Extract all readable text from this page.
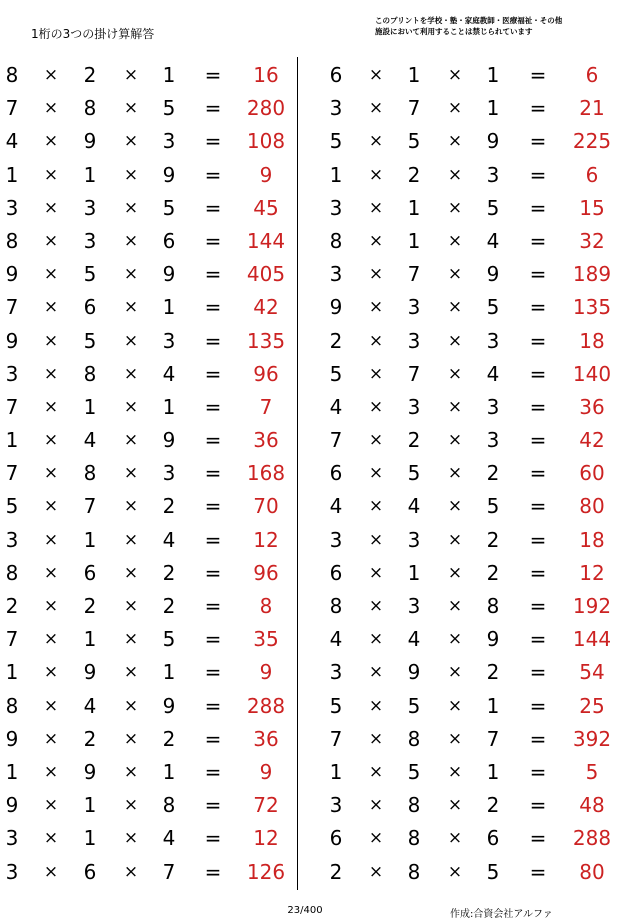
1桁の3つの掛け算解答
このプリントを学校・塾・家庭教師・医療福祉・その他
施設において利用することは禁じられています
8 × 2 × 1 =	16
7 × 8 × 5 =	280
4 × 9 × 3 =	108
1 × 1 × 9 =	9
3 × 3 × 5 =	45
8 × 3 × 6 =	144
9 × 5 × 9 =	405
7 × 6 × 1 =	42
9 × 5 × 3 =	135
3 × 8 × 4 =	96
7 × 1 × 1 =	7
1 × 4 × 9 =	36
7 × 8 × 3 =	168
5 × 7 × 2 =	70
3 × 1 × 4 =	12
8 × 6 × 2 =	96
2 × 2 × 2 =	8
7 × 1 × 5 =	35
1 × 9 × 1 =	9
8 × 4 × 9 =	288
9 × 2 × 2 =	36
1 × 9 × 1 =	9
9 × 1 × 8 =	72
3 × 1 × 4 =	12
3 × 6 × 7 =	126
6 × 1 × 1 =	6
3 × 7 × 1 =	21
5 × 5 × 9 =	225
1 × 2 × 3 =	6
3 × 1 × 5 =	15
8 × 1 × 4 =	32
3 × 7 × 9 =	189
9 × 3 × 5 =	135
2 × 3 × 3 =	18
5 × 7 × 4 =	140
4 × 3 × 3 =	36
7 × 2 × 3 =	42
6 × 5 × 2 =	60
4 × 4 × 5 =	80
3 × 3 × 2 =	18
6 × 1 × 2 =	12
8 × 3 × 8 =	192
4 × 4 × 9 =	144
3 × 9 × 2 =	54
5 × 5 × 1 =	25
7 × 8 × 7 =	392
1 × 5 × 1 =	5
3 × 8 × 2 =	48
6 × 8 × 6 =	288
2 × 8 × 5 =	80
23/400	作成:合資会社アルファ
